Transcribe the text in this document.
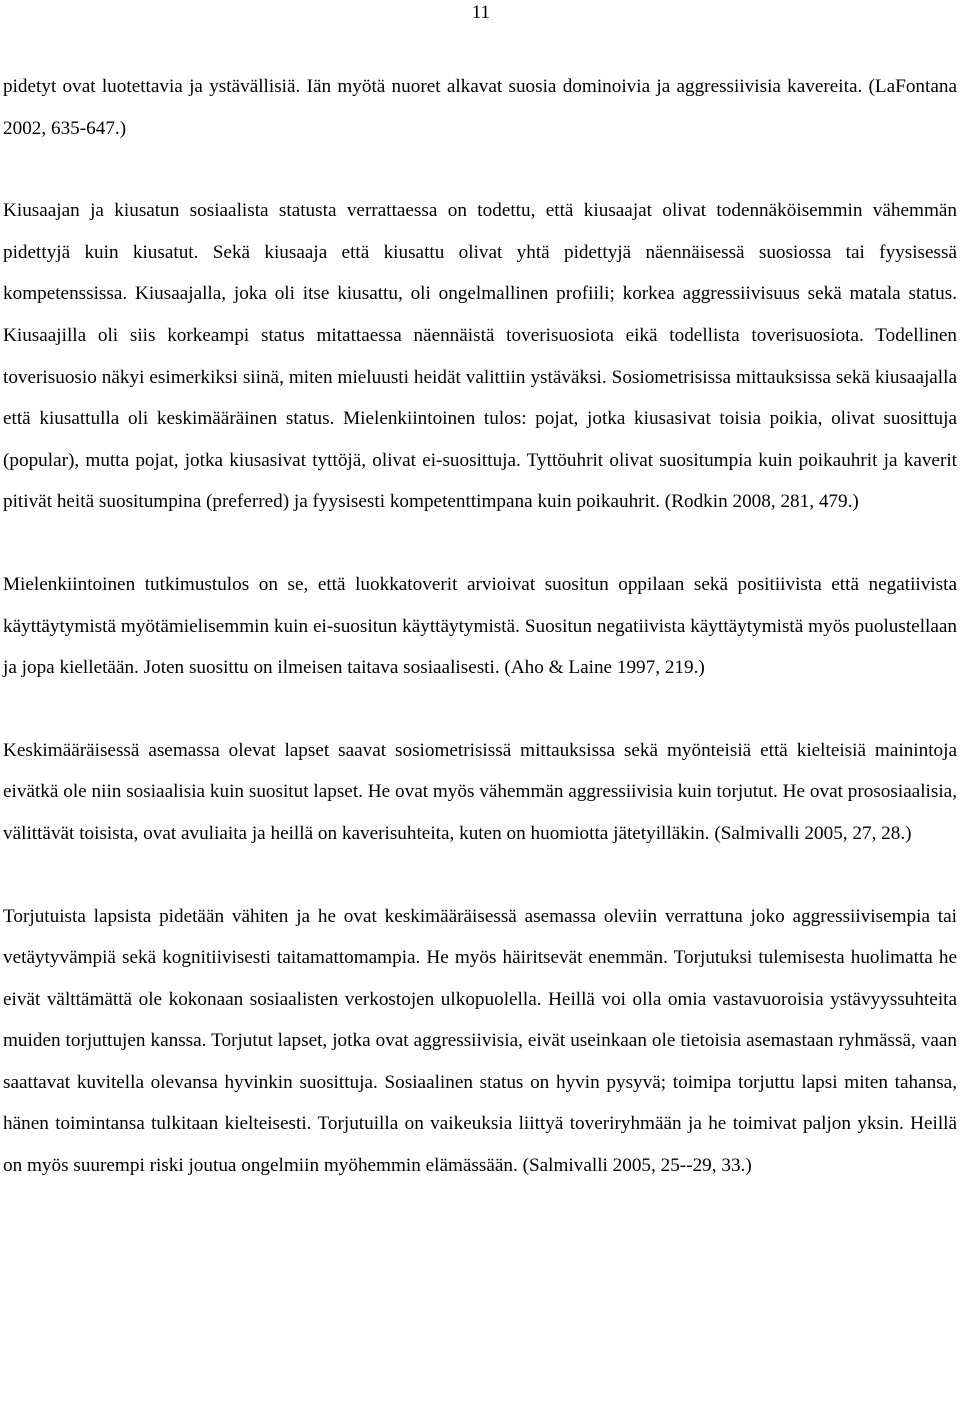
11

pidetyt ovat luotettavia ja ystävällisiä. Iän myötä nuoret alkavat suosia dominoivia ja aggressiivisia kavereita. (LaFontana 2002, 635-647.)

Kiusaajan ja kiusatun sosiaalista statusta verrattaessa on todettu, että kiusaajat olivat todennäköisemmin vähemmän pidettyjä kuin kiusatut. Sekä kiusaaja että kiusattu olivat yhtä pidettyjä näennäisessä suosiossa tai fyysisessä kompetenssissa. Kiusaajalla, joka oli itse kiusattu, oli ongelmallinen profiili; korkea aggressiivisuus sekä matala status. Kiusaajilla oli siis korkeampi status mitattaessa näennäistä toverisuosiota eikä todellista toverisuosiota. Todellinen toverisuosio näkyi esimerkiksi siinä, miten mieluusti heidät valittiin ystäväksi. Sosiometrisissa mittauksissa sekä kiusaajalla että kiusattulla oli keskimääräinen status. Mielenkiintoinen tulos: pojat, jotka kiusasivat toisia poikia, olivat suosittuja (popular), mutta pojat, jotka kiusasivat tyttöjä, olivat ei-suosittuja. Tyttöuhrit olivat suositumpia kuin poikauhrit ja kaverit pitivät heitä suositumpina (preferred) ja fyysisesti kompetenttimpana kuin poikauhrit. (Rodkin 2008, 281, 479.)

Mielenkiintoinen tutkimustulos on se, että luokkatoverit arvioivat suositun oppilaan sekä positiivista että negatiivista käyttäytymistä myötämielisemmin kuin ei-suositun käyttäytymistä. Suositun negatiivista käyttäytymistä myös puolustellaan ja jopa kielletään. Joten suosittu on ilmeisen taitava sosiaalisesti. (Aho & Laine 1997, 219.)

Keskimääräisessä asemassa olevat lapset saavat sosiometrisissä mittauksissa sekä myönteisiä että kielteisiä mainintoja eivätkä ole niin sosiaalisia kuin suositut lapset. He ovat myös vähemmän aggressiivisia kuin torjutut. He ovat prososiaalisia, välittävät toisista, ovat avuliaita ja heillä on kaverisuhteita, kuten on huomiotta jätetyilläkin. (Salmivalli 2005, 27, 28.)

Torjutuista lapsista pidetään vähiten ja he ovat keskimääräisessä asemassa oleviin verrattuna joko aggressiivisempia tai vetäytyvämpiä sekä kognitiivisesti taitamattomampia. He myös häiritsevät enemmän. Torjutuksi tulemisesta huolimatta he eivät välttämättä ole kokonaan sosiaalisten verkostojen ulkopuolella. Heillä voi olla omia vastavuoroisia ystävyyssuhteita muiden torjuttujen kanssa. Torjutut lapset, jotka ovat aggressiivisia, eivät useinkaan ole tietoisia asemastaan ryhmässä, vaan saattavat kuvitella olevansa hyvinkin suosittuja. Sosiaalinen status on hyvin pysyvä; toimipa torjuttu lapsi miten tahansa, hänen toimintansa tulkitaan kielteisesti. Torjutuilla on vaikeuksia liittyä toveriryhmään ja he toimivat paljon yksin. Heillä on myös suurempi riski joutua ongelmiin myöhemmin elämässään. (Salmivalli 2005, 25--29, 33.)
